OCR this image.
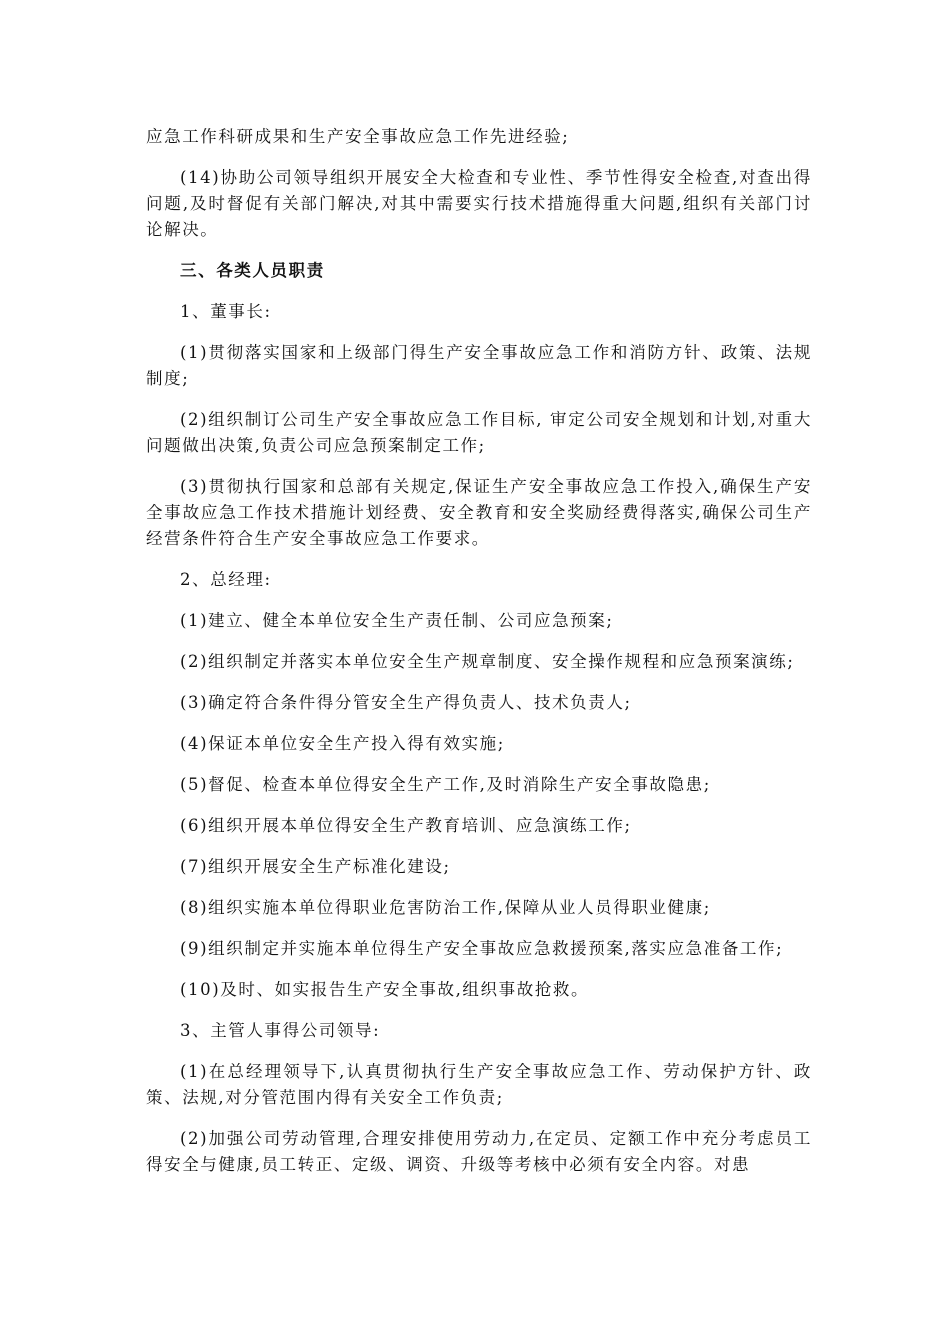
应急工作科研成果和生产安全事故应急工作先进经验;

(14)协助公司领导组织开展安全大检查和专业性、季节性得安全检查,对查出得问题,及时督促有关部门解决,对其中需要实行技术措施得重大问题,组织有关部门讨论解决。

三、各类人员职责

1、董事长:

(1)贯彻落实国家和上级部门得生产安全事故应急工作和消防方针、政策、法规制度;

(2)组织制订公司生产安全事故应急工作目标, 审定公司安全规划和计划,对重大问题做出决策,负责公司应急预案制定工作;

(3)贯彻执行国家和总部有关规定,保证生产安全事故应急工作投入,确保生产安全事故应急工作技术措施计划经费、安全教育和安全奖励经费得落实,确保公司生产经营条件符合生产安全事故应急工作要求。

2、总经理:

(1)建立、健全本单位安全生产责任制、公司应急预案;

(2)组织制定并落实本单位安全生产规章制度、安全操作规程和应急预案演练;

(3)确定符合条件得分管安全生产得负责人、技术负责人;

(4)保证本单位安全生产投入得有效实施;

(5)督促、检查本单位得安全生产工作,及时消除生产安全事故隐患;

(6)组织开展本单位得安全生产教育培训、应急演练工作;

(7)组织开展安全生产标准化建设;

(8)组织实施本单位得职业危害防治工作,保障从业人员得职业健康;

(9)组织制定并实施本单位得生产安全事故应急救援预案,落实应急准备工作;

(10)及时、如实报告生产安全事故,组织事故抢救。

3、主管人事得公司领导:

(1)在总经理领导下,认真贯彻执行生产安全事故应急工作、劳动保护方针、政策、法规,对分管范围内得有关安全工作负责;

(2)加强公司劳动管理,合理安排使用劳动力,在定员、定额工作中充分考虑员工得安全与健康,员工转正、定级、调资、升级等考核中必须有安全内容。对患
